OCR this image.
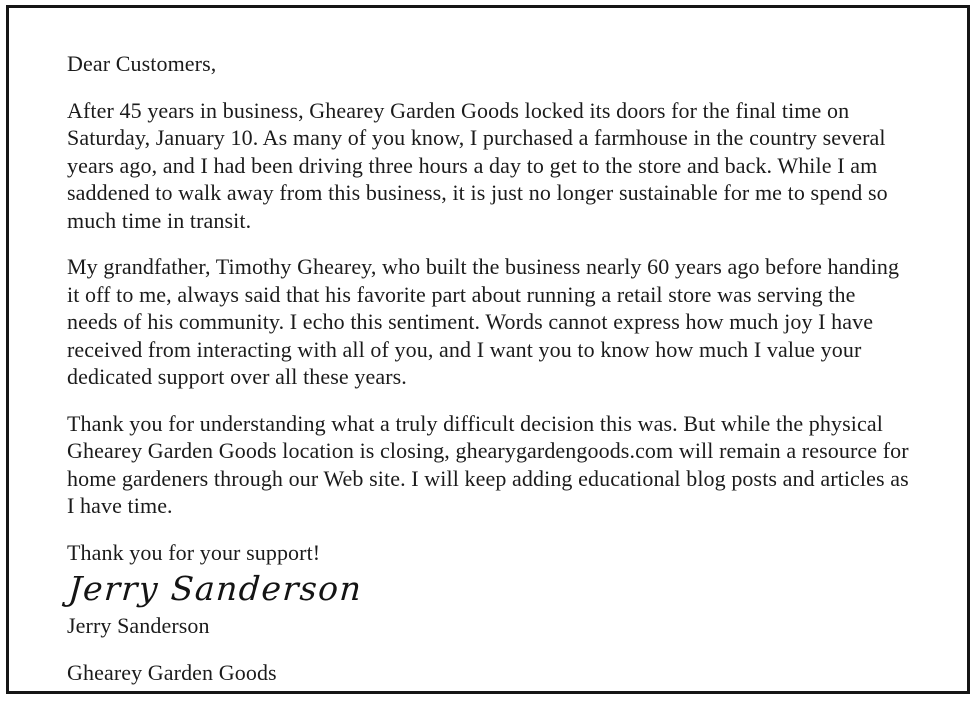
Dear Customers,

After 45 years in business, Ghearey Garden Goods locked its doors for the final time on Saturday, January 10. As many of you know, I purchased a farmhouse in the country several years ago, and I had been driving three hours a day to get to the store and back. While I am saddened to walk away from this business, it is just no longer sustainable for me to spend so much time in transit.

My grandfather, Timothy Ghearey, who built the business nearly 60 years ago before handing it off to me, always said that his favorite part about running a retail store was serving the needs of his community. I echo this sentiment. Words cannot express how much joy I have received from interacting with all of you, and I want you to know how much I value your dedicated support over all these years.

Thank you for understanding what a truly difficult decision this was. But while the physical Ghearey Garden Goods location is closing, ghearygardengoods.com will remain a resource for home gardeners through our Web site. I will keep adding educational blog posts and articles as I have time.

Thank you for your support!

Jerry Sanderson

Jerry Sanderson

Ghearey Garden Goods
